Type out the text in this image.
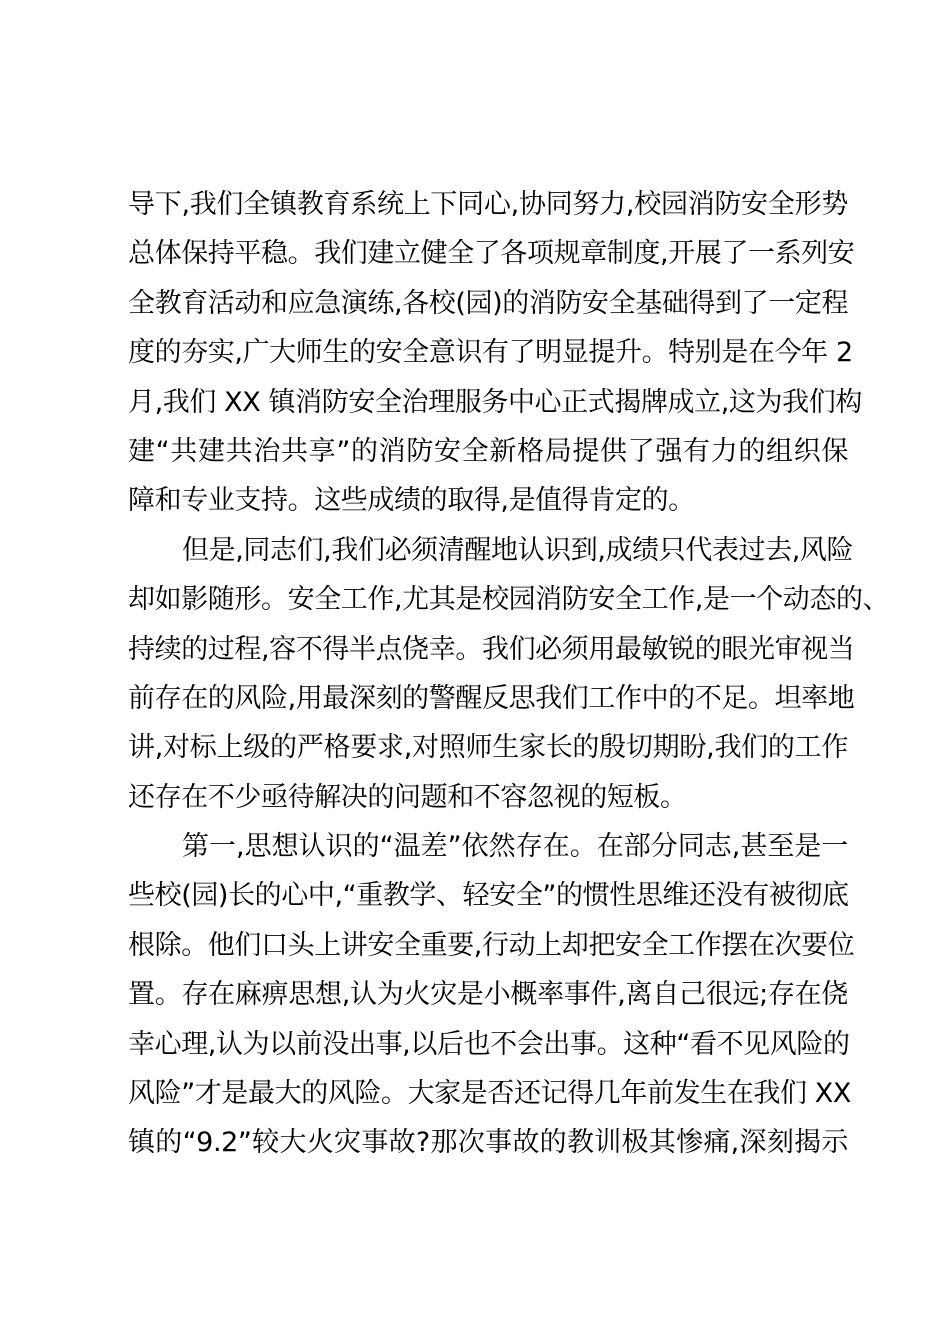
导下,我们全镇教育系统上下同心,协同努力,校园消防安全形势
总体保持平稳。我们建立健全了各项规章制度,开展了一系列安
全教育活动和应急演练,各校(园)的消防安全基础得到了一定程
度的夯实,广大师生的安全意识有了明显提升。特别是在今年 2
月,我们 XX 镇消防安全治理服务中心正式揭牌成立,这为我们构
建“共建共治共享”的消防安全新格局提供了强有力的组织保
障和专业支持。这些成绩的取得,是值得肯定的。
但是,同志们,我们必须清醒地认识到,成绩只代表过去,风险
却如影随形。安全工作,尤其是校园消防安全工作,是一个动态的、
持续的过程,容不得半点侥幸。我们必须用最敏锐的眼光审视当
前存在的风险,用最深刻的警醒反思我们工作中的不足。坦率地
讲,对标上级的严格要求,对照师生家长的殷切期盼,我们的工作
还存在不少亟待解决的问题和不容忽视的短板。
第一,思想认识的“温差”依然存在。在部分同志,甚至是一
些校(园)长的心中,“重教学、轻安全”的惯性思维还没有被彻底
根除。他们口头上讲安全重要,行动上却把安全工作摆在次要位
置。存在麻痹思想,认为火灾是小概率事件,离自己很远;存在侥
幸心理,认为以前没出事,以后也不会出事。这种“看不见风险的
风险”才是最大的风险。大家是否还记得几年前发生在我们 XX
镇的“9.2”较大火灾事故?那次事故的教训极其惨痛,深刻揭示
